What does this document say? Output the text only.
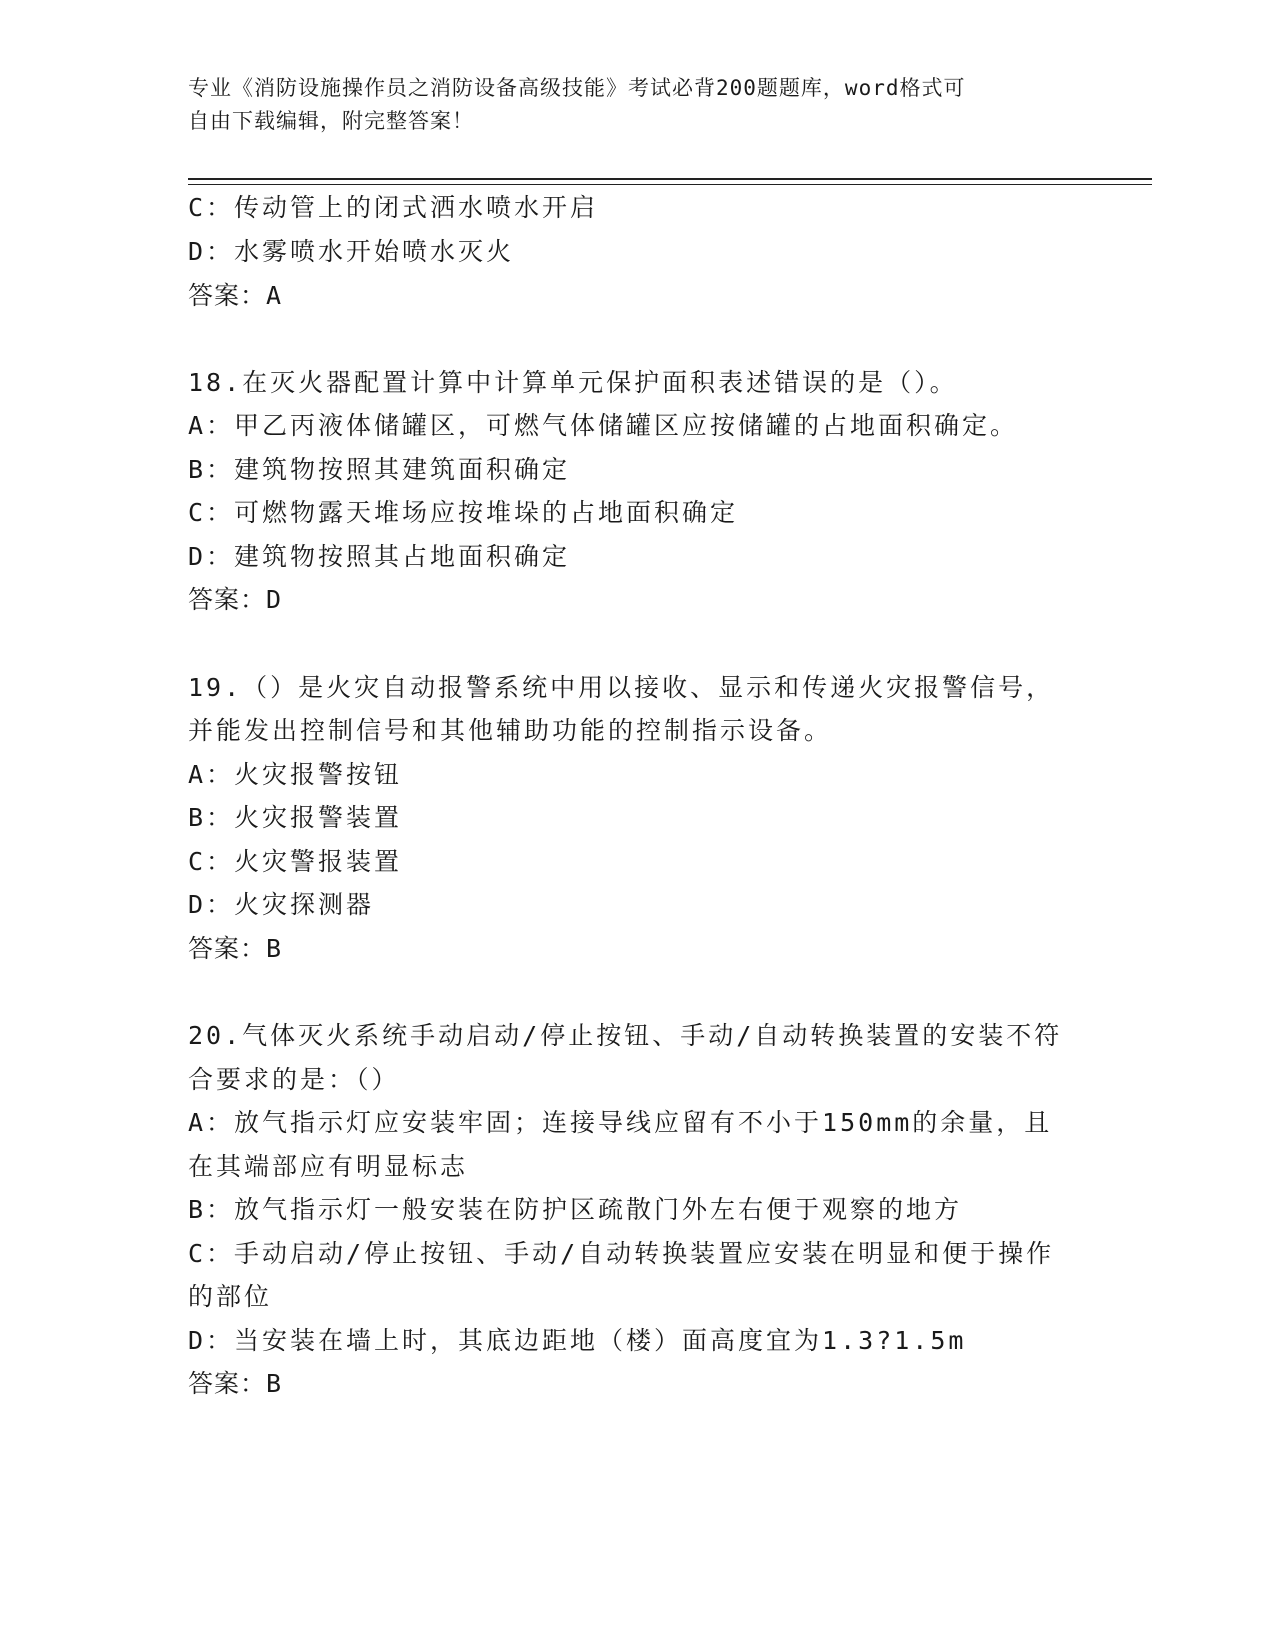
专业《消防设施操作员之消防设备高级技能》考试必背200题题库，word格式可
自由下载编辑，附完整答案！
C：传动管上的闭式洒水喷水开启
D：水雾喷水开始喷水灭火
答案：A
18.在灭火器配置计算中计算单元保护面积表述错误的是（）。
A：甲乙丙液体储罐区，可燃气体储罐区应按储罐的占地面积确定。
B：建筑物按照其建筑面积确定
C：可燃物露天堆场应按堆垛的占地面积确定
D：建筑物按照其占地面积确定
答案：D
19.（）是火灾自动报警系统中用以接收、显示和传递火灾报警信号，
并能发出控制信号和其他辅助功能的控制指示设备。
A：火灾报警按钮
B：火灾报警装置
C：火灾警报装置
D：火灾探测器
答案：B
20.气体灭火系统手动启动/停止按钮、手动/自动转换装置的安装不符
合要求的是：（）
A：放气指示灯应安装牢固；连接导线应留有不小于150mm的余量，且
在其端部应有明显标志
B：放气指示灯一般安装在防护区疏散门外左右便于观察的地方
C：手动启动/停止按钮、手动/自动转换装置应安装在明显和便于操作
的部位
D：当安装在墙上时，其底边距地（楼）面高度宜为1.3?1.5m
答案：B
